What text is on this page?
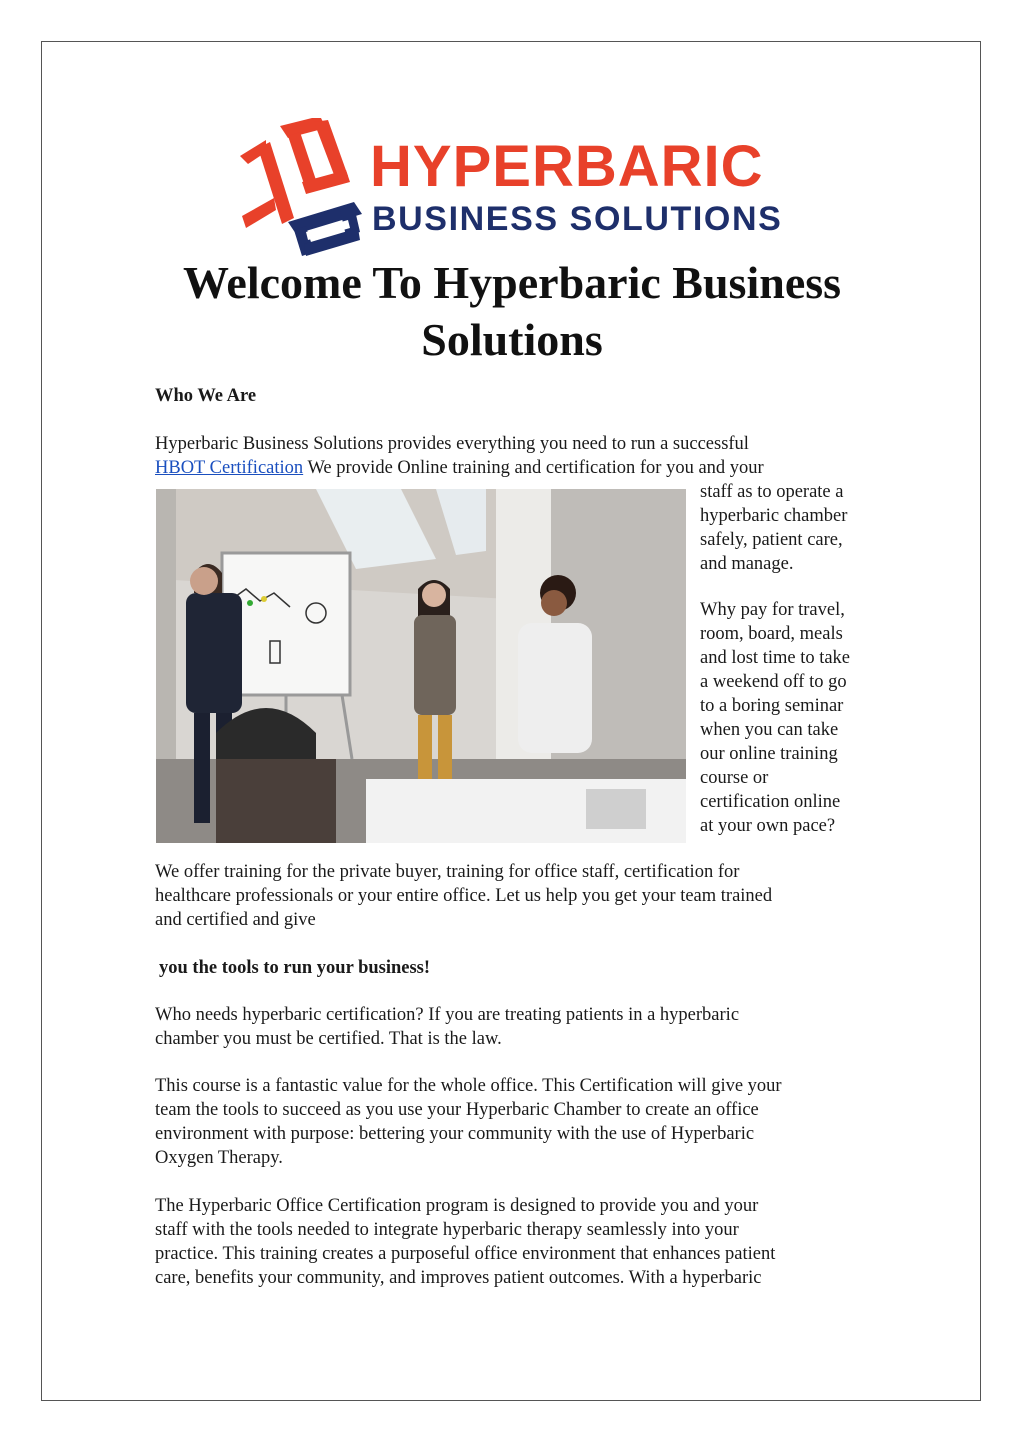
HYPERBARIC
BUSINESS SOLUTIONS
Welcome To Hyperbaric Business Solutions

Who We Are

Hyperbaric Business Solutions provides everything you need to run a successful

HBOT Certification We provide Online training and certification for you and your

staff as to operate a
hyperbaric chamber
safely, patient care,
and manage.

Why pay for travel,
room, board, meals
and lost time to take
a weekend off to go
to a boring seminar
when you can take
our online training
course or
certification online
at your own pace?

We offer training for the private buyer, training for office staff, certification for
healthcare professionals or your entire office. Let us help you get your team trained
and certified and give

you the tools to run your business!

Who needs hyperbaric certification? If you are treating patients in a hyperbaric
chamber you must be certified. That is the law.

This course is a fantastic value for the whole office. This Certification will give your
team the tools to succeed as you use your Hyperbaric Chamber to create an office
environment with purpose: bettering your community with the use of Hyperbaric
Oxygen Therapy.

The Hyperbaric Office Certification program is designed to provide you and your
staff with the tools needed to integrate hyperbaric therapy seamlessly into your
practice. This training creates a purposeful office environment that enhances patient
care, benefits your community, and improves patient outcomes. With a hyperbaric
